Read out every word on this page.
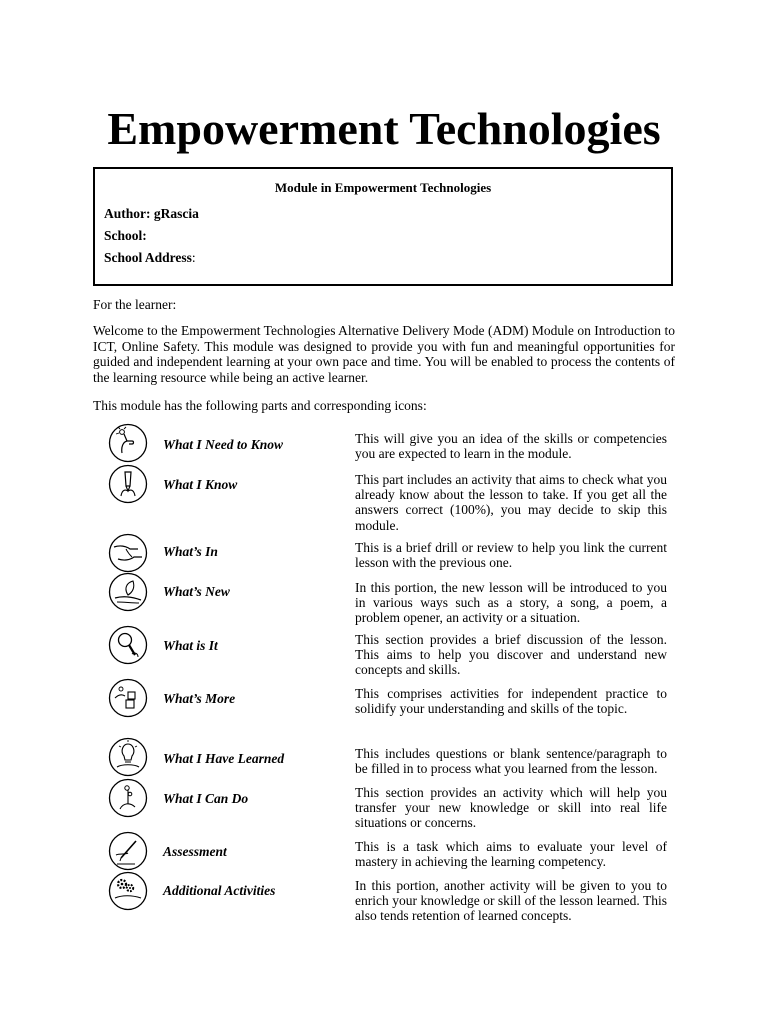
Empowerment Technologies
Module in Empowerment Technologies
Author: gRascia
School:
School Address:
For the learner:
Welcome to the Empowerment Technologies Alternative Delivery Mode (ADM) Module on Introduction to ICT, Online Safety. This module was designed to provide you with fun and meaningful opportunities for guided and independent learning at your own pace and time. You will be enabled to process the contents of the learning resource while being an active learner.
This module has the following parts and corresponding icons:
What I Need to Know	This will give you an idea of the skills or competencies you are expected to learn in the module.
What I Know	This part includes an activity that aims to check what you already know about the lesson to take. If you get all the answers correct (100%), you may decide to skip this module.
What’s In	This is a brief drill or review to help you link the current lesson with the previous one.
What’s New	In this portion, the new lesson will be introduced to you in various ways such as a story, a song, a poem, a problem opener, an activity or a situation.
What is It	This section provides a brief discussion of the lesson. This aims to help you discover and understand new concepts and skills.
What’s More	This comprises activities for independent practice to solidify your understanding and skills of the topic.
What I Have Learned	This includes questions or blank sentence/paragraph to be filled in to process what you learned from the lesson.
What I Can Do	This section provides an activity which will help you transfer your new knowledge or skill into real life situations or concerns.
Assessment	This is a task which aims to evaluate your level of mastery in achieving the learning competency.
Additional Activities	In this portion, another activity will be given to you to enrich your knowledge or skill of the lesson learned. This also tends retention of learned concepts.
